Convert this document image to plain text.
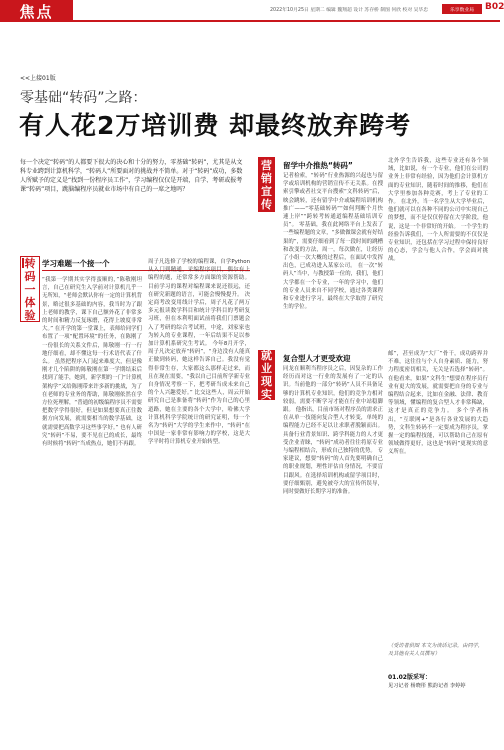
焦点	2022年10月25日 星期二 编辑 魏翔超 设计 苏存桥 制图 何欣 校对 吴毕忠	乐享数业局	B02
<<上接01版
零基础“转码”之路：
有人花2万培训费 却最终放弃跨考
每一个决定“转码”的人都要下很大的决心和十分的努力，零基础“转码”，尤其是从文科专业跨到计算机科学，“转码人”所要面对的挑战并不简单。对于“转码”成功，多数人所赋予的定义是“找到一份程序员工作”，学习编程仅仅是开端，自学、考研或报考课“转码”项目，跳脑编程序员就业市场中有自己的一席之地吗？
转
码
一
体
验
学习难题一个接一个
“我第一学期其实学得蛮顺的，”陈敬刚坦言，自己在研究生入学前对计算机几乎一无所知，“老师会默认你有一定的计算机背景，略过很多基础的内容，我当时为了跟上老师的教学，课下自己额外花了非常多的时间和精力反复琢磨，花得上坡度非常大。” 在开学的第一堂课上，表师给同学们布置了一项“配置环境”的任务，在陈刚了一份很长的关系文件后，陈敬刚一行一行地仔细看，却不懂这每一行术语代表了什么。 虽然把程序入门起来难度大，但是像刚才几个陷阱的陈敬刚在第一学期结束后找到了能手，她到，新学期的一门“计算机架构学”又给陈刚带来许多新的挑战，为了在老师的专业务的帮助，陈敬刚依然在学方位死理解，“普通的初级编程序员不需要把数学学得很好，但是如果想要真正往数据方向发展，就需要相当的数学基础，这就需要把高数学习这些事学好。” 也有人研究“转码”不易，要不见在已的成长，最终有时候将“转码”当成热点，她们不再跟。
周子凡选修了学校的编程课，自学Python从入门到精通，采编程序项目，偶尔有上编程的题，还常常多方面课的资源帮助。目前学习的课程对编程课来说还很远，还在研究新题的语言，可能会慢慢提升。 决定商考改变用线计学后，周子凡花了两万多元报读数学科目和统计学科目的考研复习班，但在本利明面试前将我们门票题会入了考研的综合考试班，中途，刘家家也为转入的专业课程，一年后结果不足以参加计算机系研究生考试。 今年8月开学，周子凡决定放弃“转码”，“身边没有人能真正做到转码，她这样告诉自己。我没有觉得非常生存，大家都这么那样走过来，而且在现在需要，“我以自己目前所学新专业自身情况考察一下，把考研当成未来自己的个人兴趣爱好。” 比交这些人，周云开始研究自己是准备将“转码”作为自己的心里道路，她在主要的各个大学中，哈佛大学计算机科学学院统计的研究证明，每一个名为“转码”大学的学生来作中，“转码”在中国是一家非常有影响力的学校，这是大学平时将计算机专业开始转型。
营
销
宣
传
留学中介推热“转码”
记者检索，“转码”行业热源的兴起也与留学或培训机构的营销宣传不无关系。在搜索引擎或者社交平台搜索“文科转码”后，映会跳转，还有留学中介或编程培训机构推广——“零基础转码”“如何判断个月快速上岸”“跨转考转通道编程基础培训专员”。 零基础，我在此网络平台上发表了一些编程题的文章，“多做做课会就有好结果的”，需要仔细看到了每一段时间的跳槽和改变的方法，周一，每次做在，让经历了小组一次大概的过程后，在面试中发挥出色，已成功进入某家公司。 在一次“转码人”当中，与教授第一位的，我们，他们大学都在一个专业，一年的学习中，他们的专业人员来自不同学校，通过各类课程和专业进行学习，最终在大学取得了研究生的学位。
北外学生告诉我，这些专业还有各个领域，比如说，有一个专业，他们在公司的业务上非常有经验，因为他们会计算机方面的专业知识，随着时间的推移，他们在大学里参加各种竞赛，考上了专业的工作。 在北外，当一名学生从大学毕业后，他们就可以在各种不同的公司中实现自己的梦想，而不是仅仅停留在大学阶段，他说，这是一个非常好的开始。 一个学生的经验告诉我们，一个人所需要的不仅仅是专业知识，还包括在学习过程中保持良好的心态，学会与他人合作，学会面对挑战。
就
业
现
实
复合型人才更受欢迎
同龙在顺利当程序员之后，因复杂的工作经历而对这一行业的发展有了一定的认识。当前他的一部分“转码”人员不具备足够的计算机专业知识，他们的竞争力相对较弱，需要不断学习才能在行业中站稳脚跟。 他指出，目前市场对程序员的需求正在从单一技能向复合型人才转变，单纯的编程能力已经不足以让求职者脱颖而出。具备行业背景知识、跨学科能力的人才更受企业青睐，“转码”成功者往往将原专业与编程相结合，形成自己独特的优势。 专家建议，想要“转码”的人首先要明确自己的职业规划，理性评估自身情况，不要盲目跟风。在选择培训机构或留学项目时，要仔细甄别，避免被夸大的宣传所误导，同时要做好长期学习的准备。
邮”，甚至成为“大厂”骨干，成功跨界并不难，这往往与个人自身素质、能力，努力程度密切相关，无关是否选择“转码”。 在他看来，如果“文科生”想要在程序员行业有更大的发展，就需要把自身的专业与编程结合起来，比如在金融、法律、教育等领域，懂编程的复合型人才非常稀缺，这才是真正的竞争力。 多个学者指出，“互联网+”是各行各业发展的大趋势，文科生转码不一定要成为程序员，掌握一定的编程技能，可以帮助自己在原有领域做得更好，这也是“转码”更现实的意义所在。
（受访者供图 本文为谈话记录，由同学，及其他有关人员撰写）
01.02版采写：
见习记者 杨晓彤 熊韵记者 李婷婷
